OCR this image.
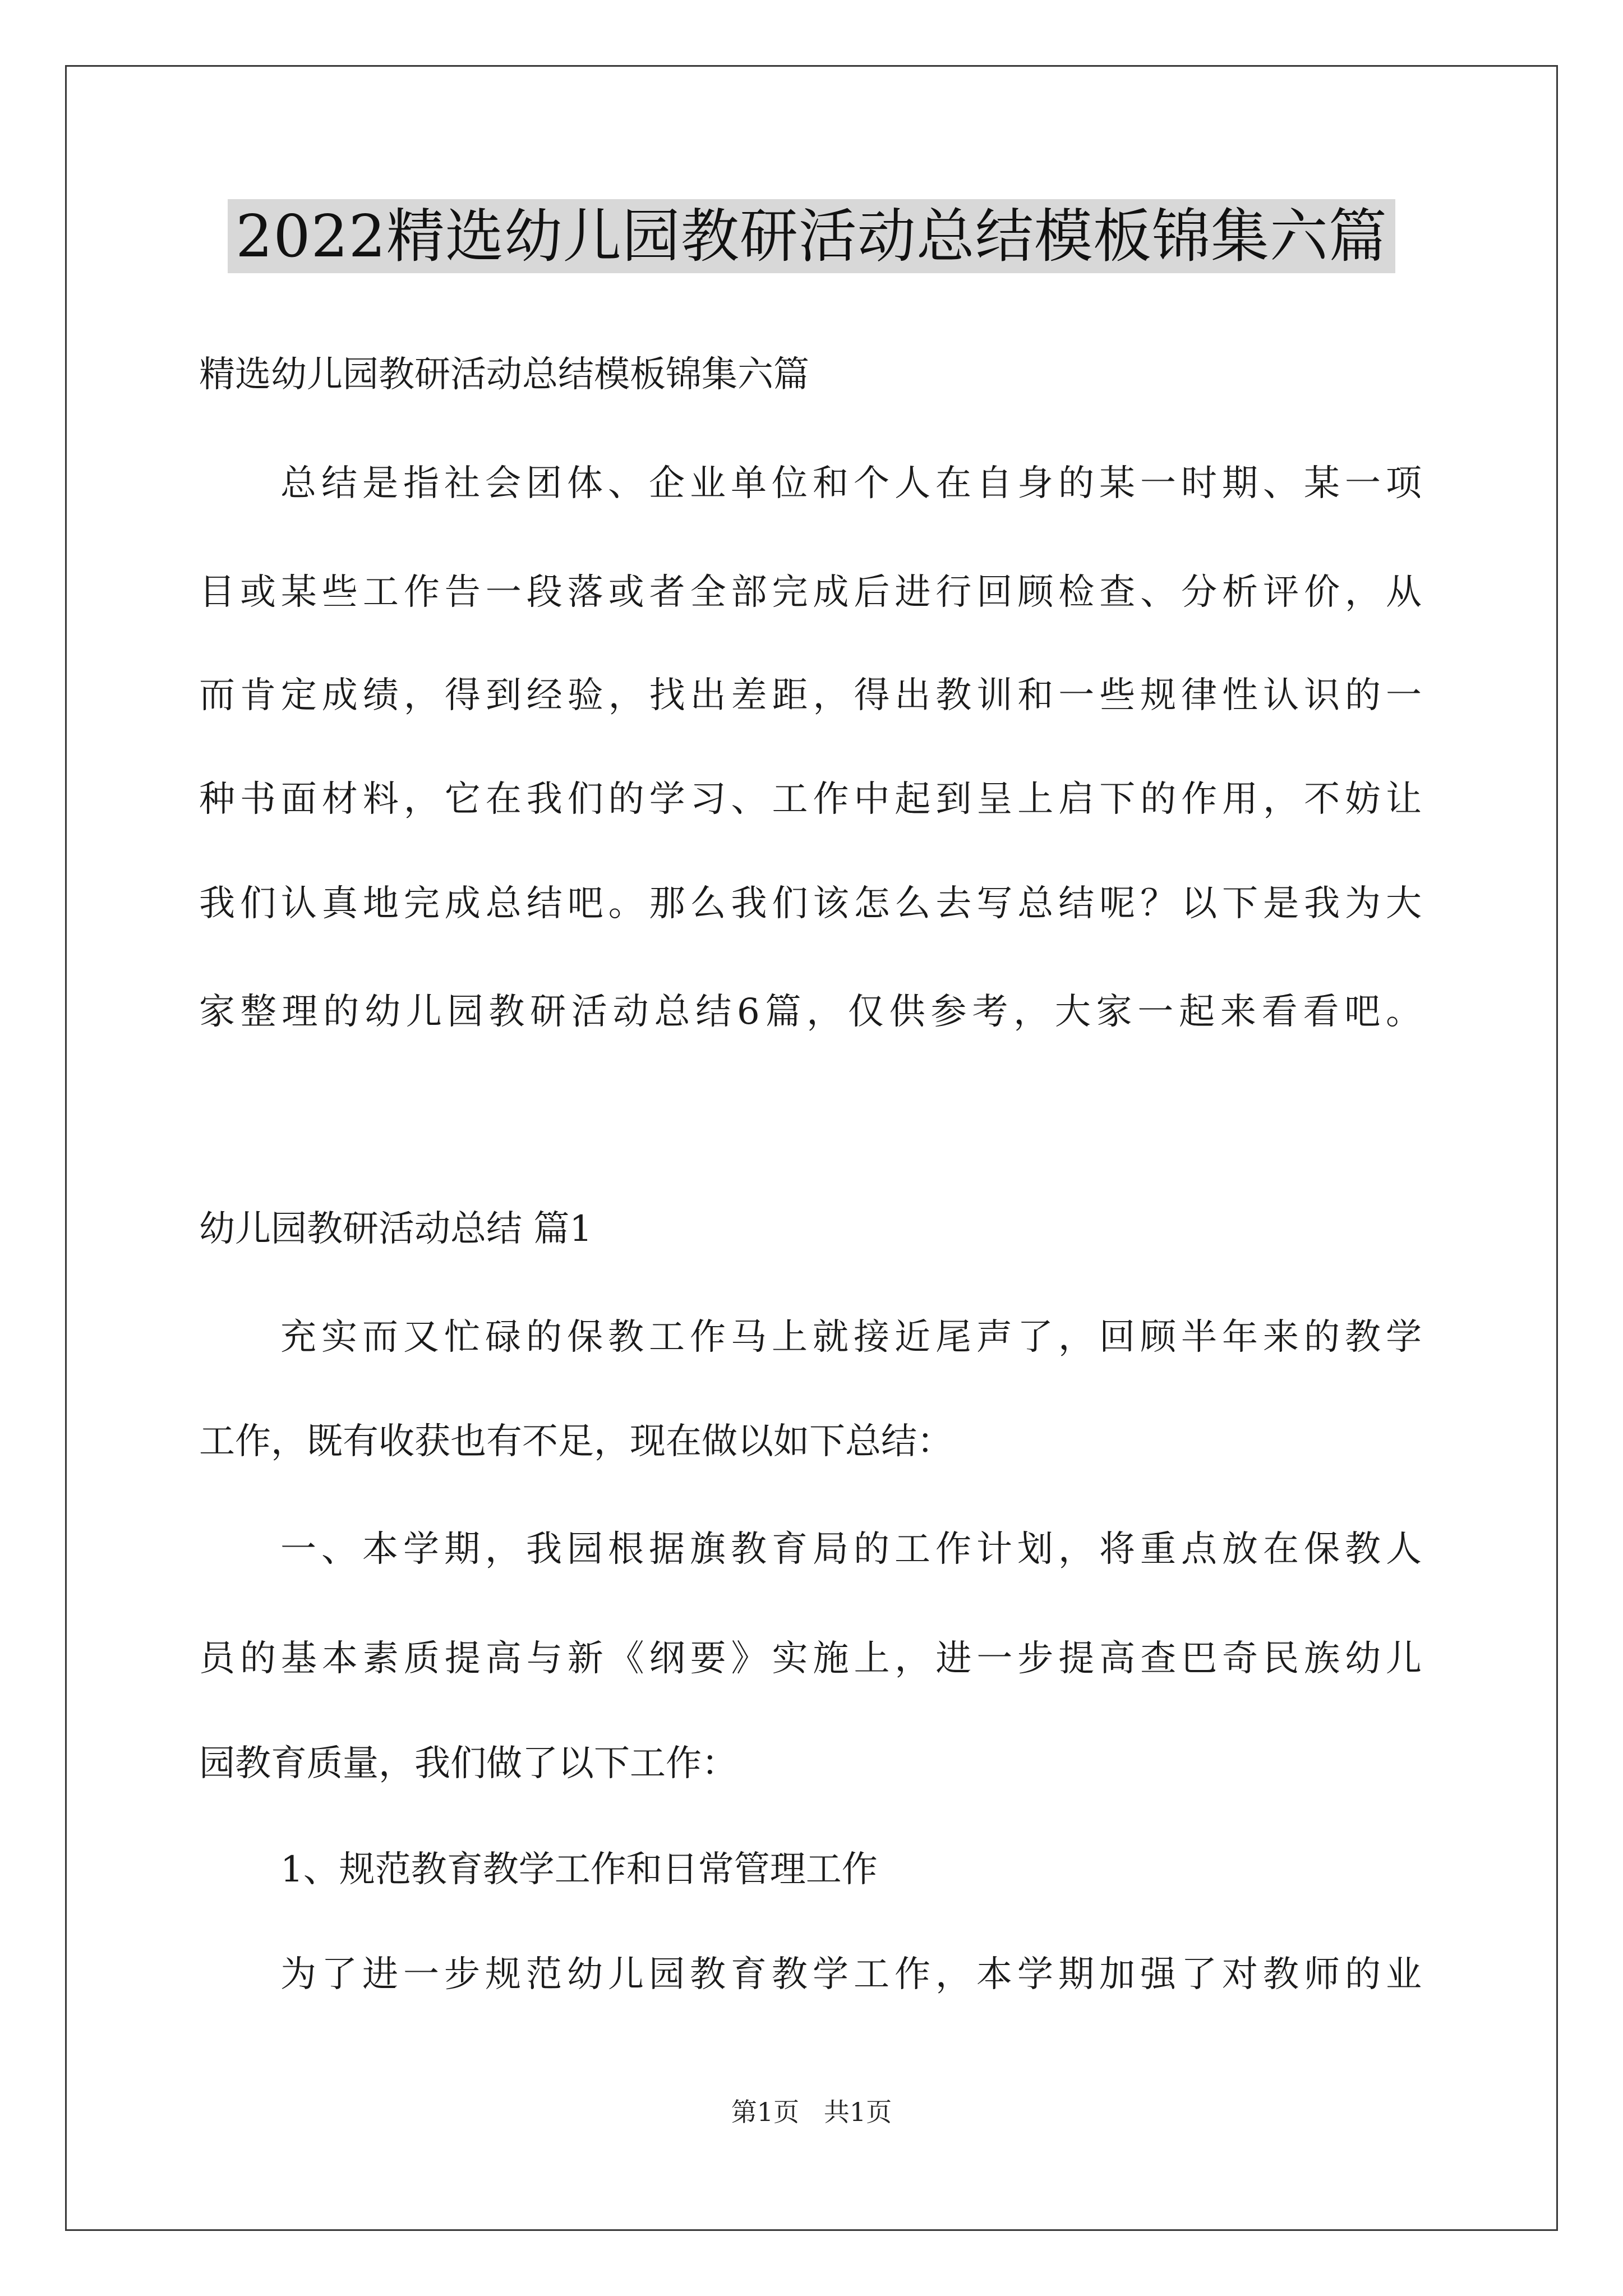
2022精选幼儿园教研活动总结模板锦集六篇
精选幼儿园教研活动总结模板锦集六篇
总结是指社会团体、企业单位和个人在自身的某一时期、某一项
目或某些工作告一段落或者全部完成后进行回顾检查、分析评价，从
而肯定成绩，得到经验，找出差距，得出教训和一些规律性认识的一
种书面材料，它在我们的学习、工作中起到呈上启下的作用，不妨让
我们认真地完成总结吧。那么我们该怎么去写总结呢？以下是我为大
家整理的幼儿园教研活动总结6篇，仅供参考，大家一起来看看吧。
幼儿园教研活动总结 篇1
充实而又忙碌的保教工作马上就接近尾声了，回顾半年来的教学
工作，既有收获也有不足，现在做以如下总结：
一、本学期，我园根据旗教育局的工作计划，将重点放在保教人
员的基本素质提高与新《纲要》实施上，进一步提高查巴奇民族幼儿
园教育质量，我们做了以下工作：
1、规范教育教学工作和日常管理工作
为了进一步规范幼儿园教育教学工作，本学期加强了对教师的业
第1页   共1页
